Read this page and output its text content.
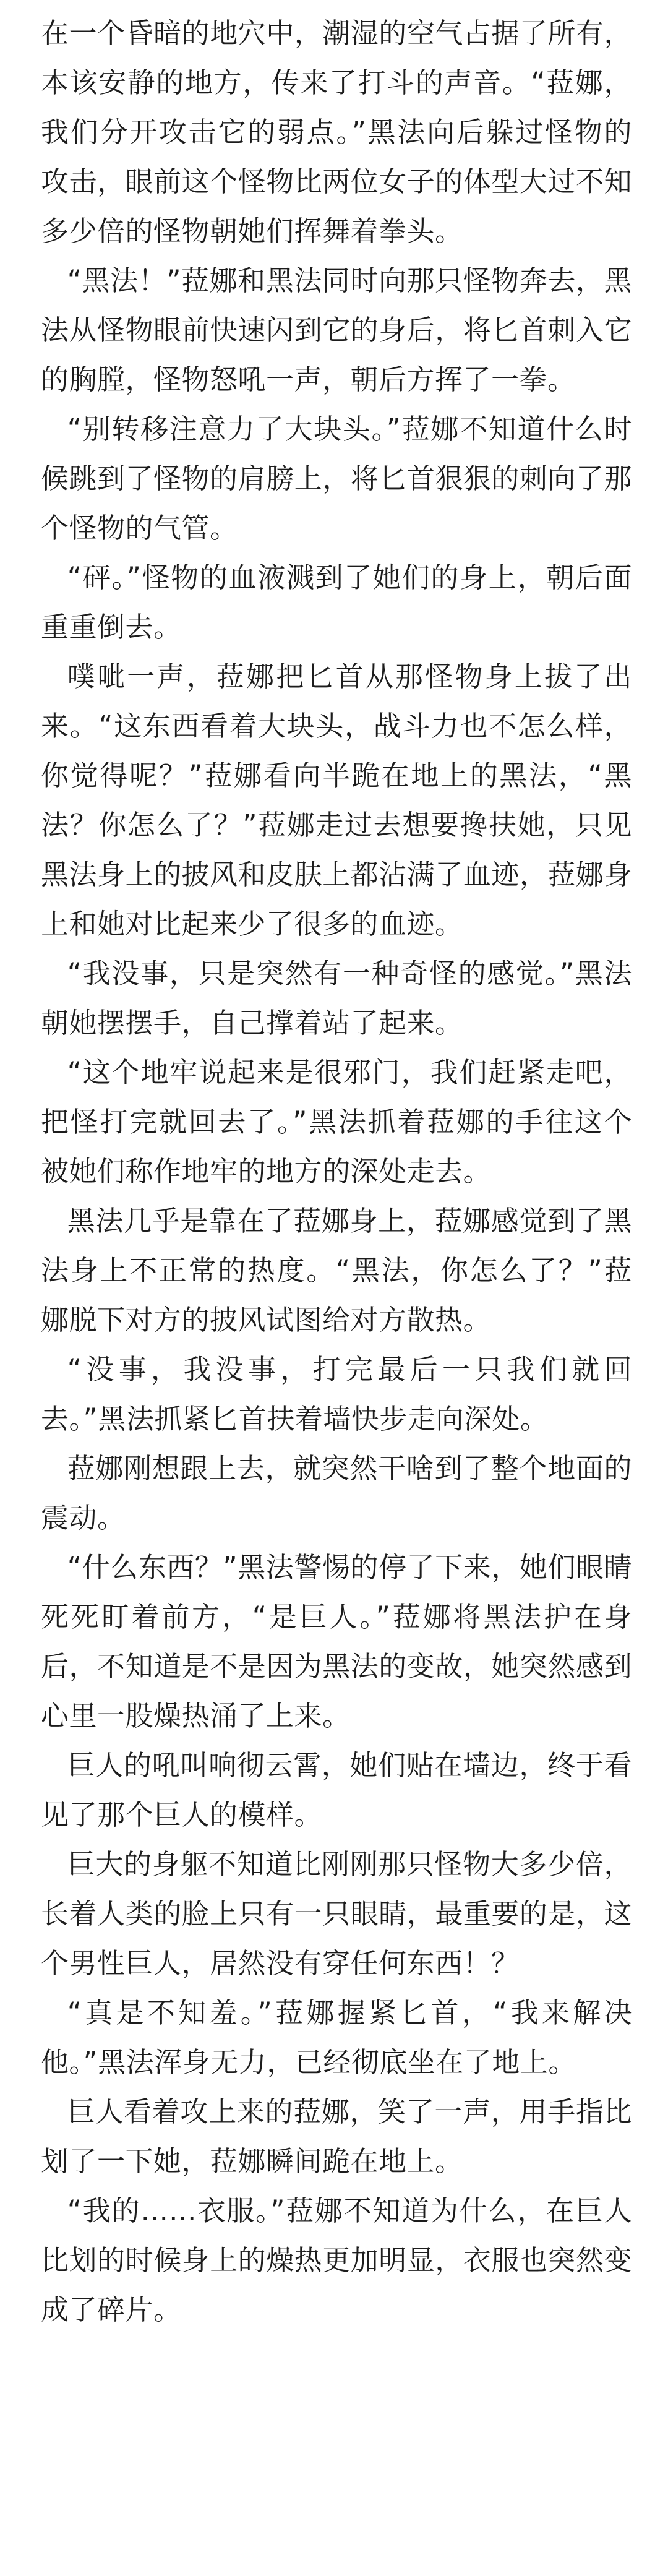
在一个昏暗的地穴中，潮湿的空气占据了所有，本该安静的地方，传来了打斗的声音。“菈娜，我们分开攻击它的弱点。”黑法向后躲过怪物的攻击，眼前这个怪物比两位女子的体型大过不知多少倍的怪物朝她们挥舞着拳头。

“黑法！”菈娜和黑法同时向那只怪物奔去，黑法从怪物眼前快速闪到它的身后，将匕首刺入它的胸膛，怪物怒吼一声，朝后方挥了一拳。

“别转移注意力了大块头。”菈娜不知道什么时候跳到了怪物的肩膀上，将匕首狠狠的刺向了那个怪物的气管。

“砰。”怪物的血液溅到了她们的身上，朝后面重重倒去。

噗呲一声，菈娜把匕首从那怪物身上拔了出来。“这东西看着大块头，战斗力也不怎么样，你觉得呢？”菈娜看向半跪在地上的黑法，“黑法？你怎么了？”菈娜走过去想要搀扶她，只见黑法身上的披风和皮肤上都沾满了血迹，菈娜身上和她对比起来少了很多的血迹。

“我没事，只是突然有一种奇怪的感觉。”黑法朝她摆摆手，自己撑着站了起来。

“这个地牢说起来是很邪门，我们赶紧走吧，把怪打完就回去了。”黑法抓着菈娜的手往这个被她们称作地牢的地方的深处走去。

黑法几乎是靠在了菈娜身上，菈娜感觉到了黑法身上不正常的热度。“黑法，你怎么了？”菈娜脱下对方的披风试图给对方散热。

“没事，我没事，打完最后一只我们就回去。”黑法抓紧匕首扶着墙快步走向深处。

菈娜刚想跟上去，就突然干啥到了整个地面的震动。

“什么东西？”黑法警惕的停了下来，她们眼睛死死盯着前方，“是巨人。”菈娜将黑法护在身后，不知道是不是因为黑法的变故，她突然感到心里一股燥热涌了上来。

巨人的吼叫响彻云霄，她们贴在墙边，终于看见了那个巨人的模样。

巨大的身躯不知道比刚刚那只怪物大多少倍，长着人类的脸上只有一只眼睛，最重要的是，这个男性巨人，居然没有穿任何东西！？

“真是不知羞。”菈娜握紧匕首，“我来解决他。”黑法浑身无力，已经彻底坐在了地上。

巨人看着攻上来的菈娜，笑了一声，用手指比划了一下她，菈娜瞬间跪在地上。

“我的……衣服。”菈娜不知道为什么，在巨人比划的时候身上的燥热更加明显，衣服也突然变成了碎片。
